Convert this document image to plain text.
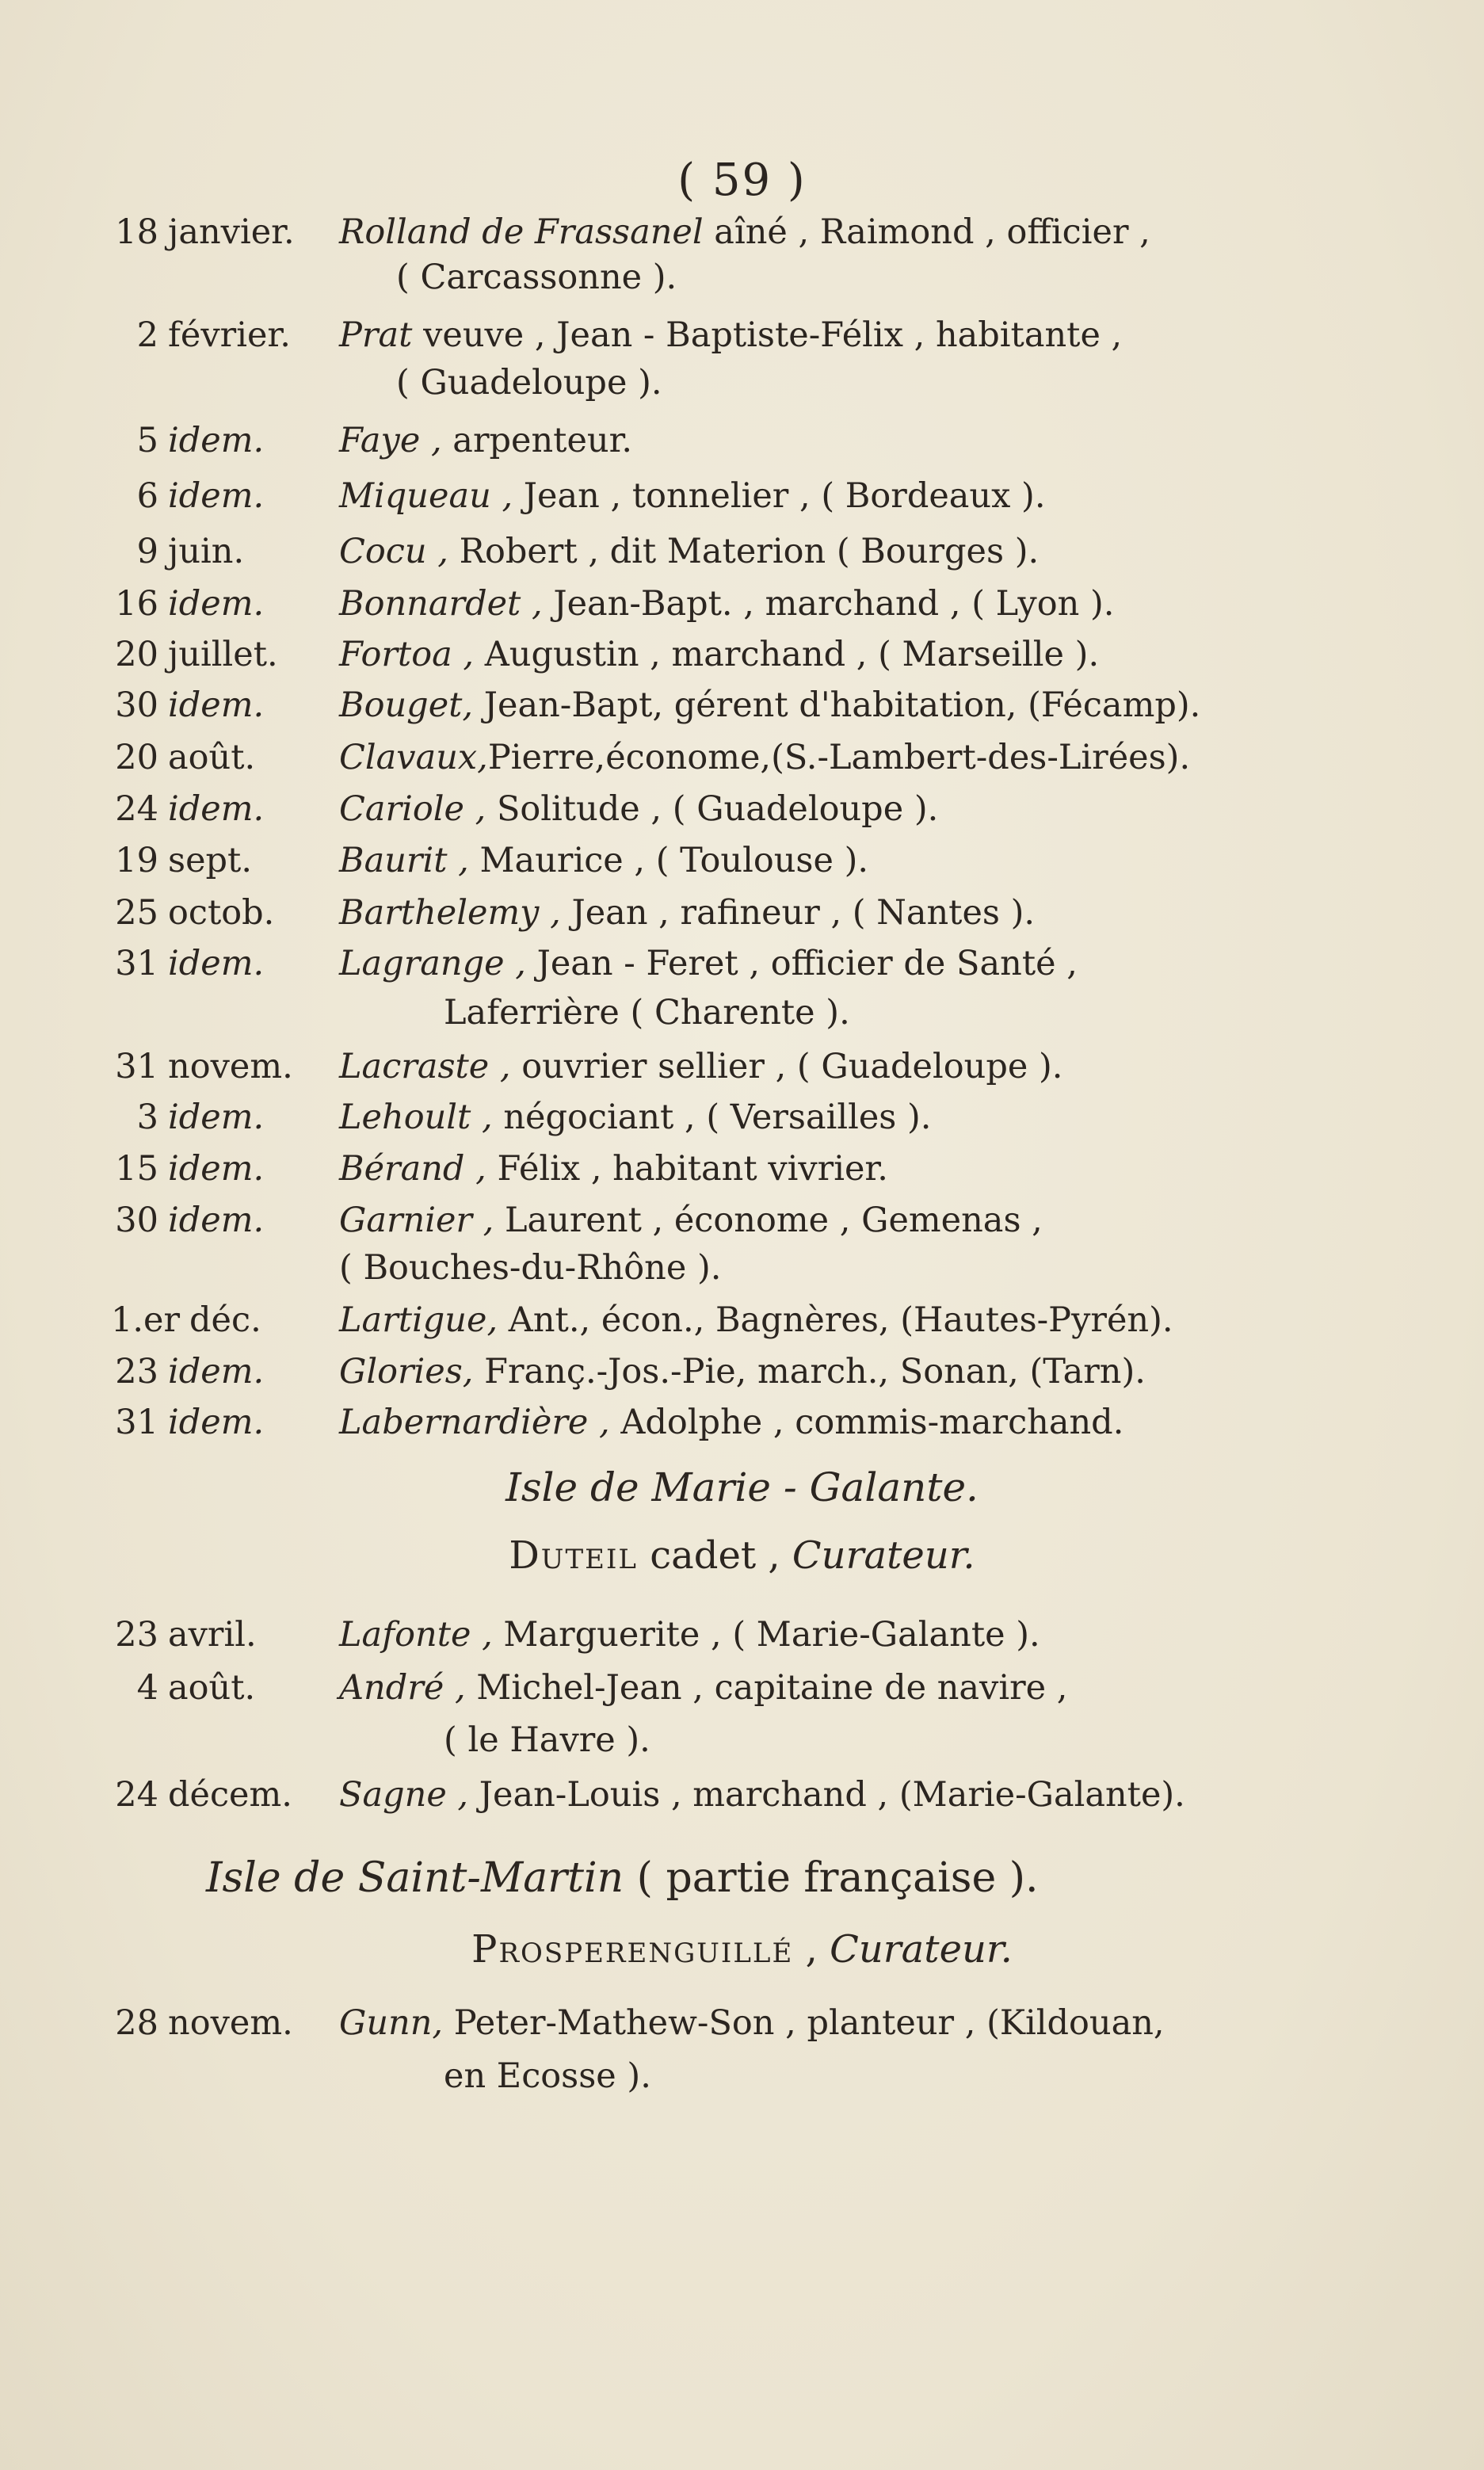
( 59 )
18 janvier.	Rolland de Frassanel aîné , Raimond , officier ,
( Carcassonne ).
2 février.	Prat veuve , Jean - Baptiste-Félix , habitante ,
( Guadeloupe ).
5 idem.	Faye , arpenteur.
6 idem.	Miqueau , Jean , tonnelier , ( Bordeaux ).
9 juin.	Cocu , Robert , dit Materion ( Bourges ).
16 idem.	Bonnardet , Jean-Bapt. , marchand , ( Lyon ).
20 juillet.	Fortoa , Augustin , marchand , ( Marseille ).
30 idem.	Bouget, Jean-Bapt, gérent d'habitation, (Fécamp).
20 août.	Clavaux,Pierre,économe,(S.-Lambert-des-Lirées).
24 idem.	Cariole , Solitude , ( Guadeloupe ).
19 sept.	Baurit , Maurice , ( Toulouse ).
25 octob.	Barthelemy , Jean , rafineur , ( Nantes ).
31 idem.	Lagrange , Jean - Feret , officier de Santé ,
Laferrière ( Charente ).
31 novem.	Lacraste , ouvrier sellier , ( Guadeloupe ).
3 idem.	Lehoult , négociant , ( Versailles ).
15 idem.	Bérand , Félix , habitant vivrier.
30 idem.	Garnier , Laurent , économe , Gemenas ,
( Bouches-du-Rhône ).
1.er déc.	Lartigue, Ant., écon., Bagnères, (Hautes-Pyrén).
23 idem.	Glories, Franç.-Jos.-Pie, march., Sonan, (Tarn).
31 idem.	Labernardière , Adolphe , commis-marchand.
Isle de Marie - Galante.
Duteil cadet , Curateur.
23 avril.	Lafonte , Marguerite , ( Marie-Galante ).
4 août.	André , Michel-Jean , capitaine de navire ,
( le Havre ).
24 décem.	Sagne , Jean-Louis , marchand , (Marie-Galante).
Isle de Saint-Martin ( partie française ).
Prosperenguillé , Curateur.
28 novem.	Gunn, Peter-Mathew-Son , planteur , (Kildouan,
en Ecosse ).
